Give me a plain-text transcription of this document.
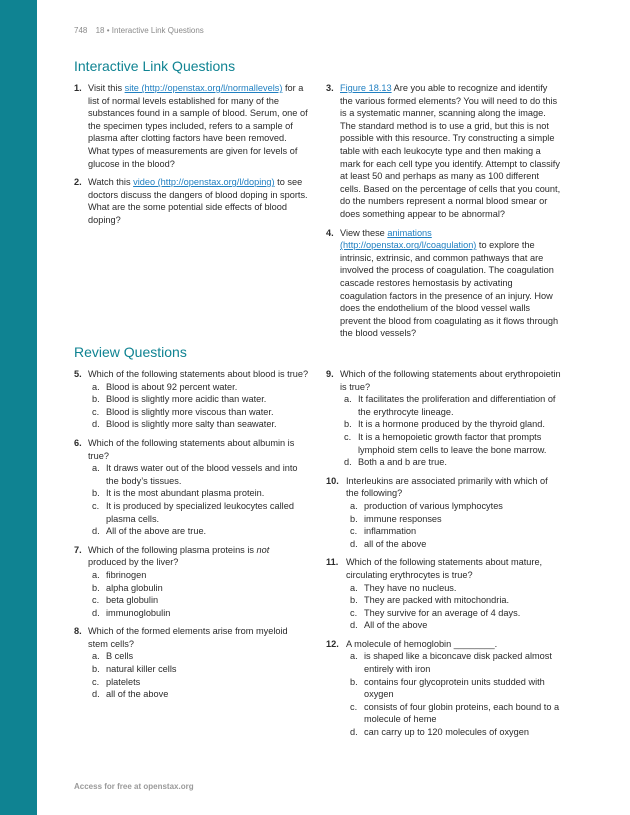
748 18 • Interactive Link Questions
Interactive Link Questions
1. Visit this site (http://openstax.org/l/normallevels) for a list of normal levels established for many of the substances found in a sample of blood. Serum, one of the specimen types included, refers to a sample of plasma after clotting factors have been removed. What types of measurements are given for levels of glucose in the blood?
2. Watch this video (http://openstax.org/l/doping) to see doctors discuss the dangers of blood doping in sports. What are the some potential side effects of blood doping?
3. Figure 18.13 Are you able to recognize and identify the various formed elements? You will need to do this is a systematic manner, scanning along the image. The standard method is to use a grid, but this is not possible with this resource. Try constructing a simple table with each leukocyte type and then making a mark for each cell type you identify. Attempt to classify at least 50 and perhaps as many as 100 different cells. Based on the percentage of cells that you count, do the numbers represent a normal blood smear or does something appear to be abnormal?
4. View these animations (http://openstax.org/l/coagulation) to explore the intrinsic, extrinsic, and common pathways that are involved the process of coagulation. The coagulation cascade restores hemostasis by activating coagulation factors in the presence of an injury. How does the endothelium of the blood vessel walls prevent the blood from coagulating as it flows through the blood vessels?
Review Questions
5. Which of the following statements about blood is true?
a. Blood is about 92 percent water.
b. Blood is slightly more acidic than water.
c. Blood is slightly more viscous than water.
d. Blood is slightly more salty than seawater.
6. Which of the following statements about albumin is true?
a. It draws water out of the blood vessels and into the body’s tissues.
b. It is the most abundant plasma protein.
c. It is produced by specialized leukocytes called plasma cells.
d. All of the above are true.
7. Which of the following plasma proteins is not produced by the liver?
a. fibrinogen
b. alpha globulin
c. beta globulin
d. immunoglobulin
8. Which of the formed elements arise from myeloid stem cells?
a. B cells
b. natural killer cells
c. platelets
d. all of the above
9. Which of the following statements about erythropoietin is true?
a. It facilitates the proliferation and differentiation of the erythrocyte lineage.
b. It is a hormone produced by the thyroid gland.
c. It is a hemopoietic growth factor that prompts lymphoid stem cells to leave the bone marrow.
d. Both a and b are true.
10. Interleukins are associated primarily with which of the following?
a. production of various lymphocytes
b. immune responses
c. inflammation
d. all of the above
11. Which of the following statements about mature, circulating erythrocytes is true?
a. They have no nucleus.
b. They are packed with mitochondria.
c. They survive for an average of 4 days.
d. All of the above
12. A molecule of hemoglobin ________.
a. is shaped like a biconcave disk packed almost entirely with iron
b. contains four glycoprotein units studded with oxygen
c. consists of four globin proteins, each bound to a molecule of heme
d. can carry up to 120 molecules of oxygen
Access for free at openstax.org
